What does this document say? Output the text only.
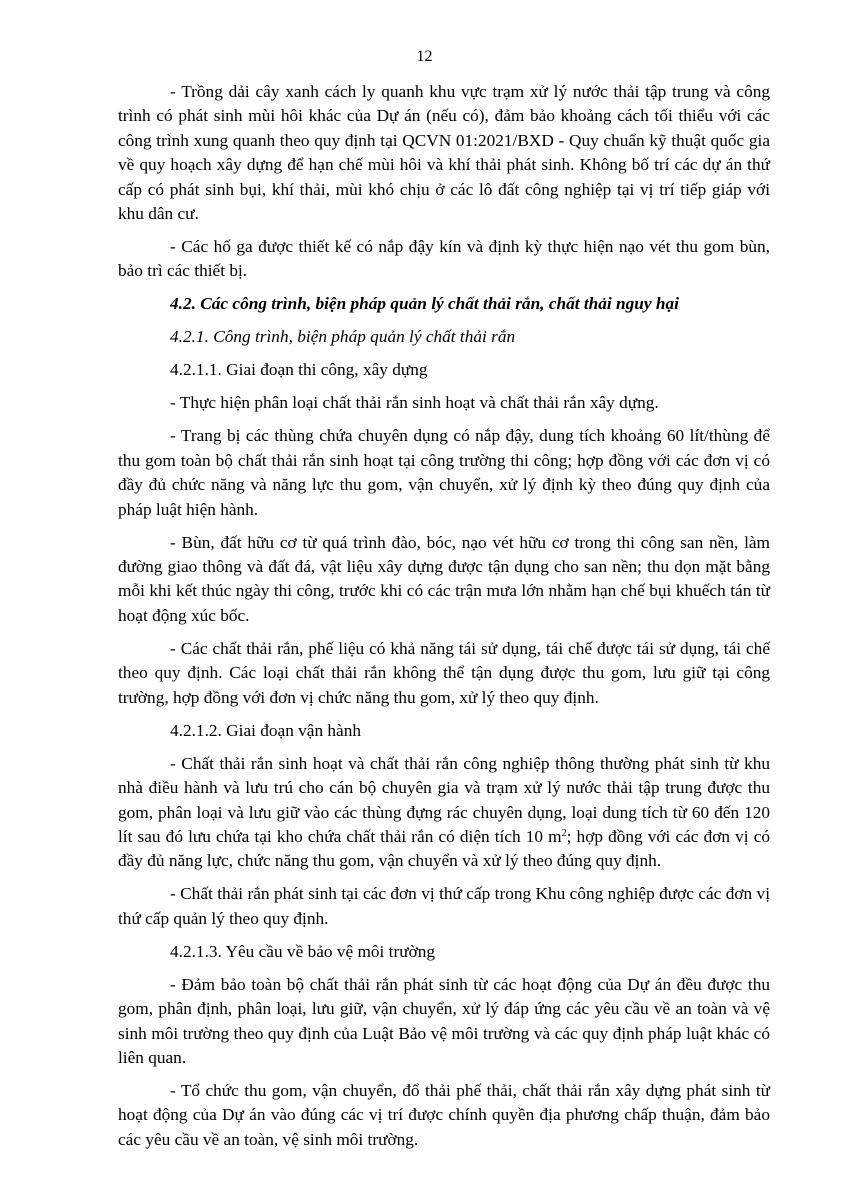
12

- Trồng dải cây xanh cách ly quanh khu vực trạm xử lý nước thải tập trung và công trình có phát sinh mùi hôi khác của Dự án (nếu có), đảm bảo khoảng cách tối thiểu với các công trình xung quanh theo quy định tại QCVN 01:2021/BXD - Quy chuẩn kỹ thuật quốc gia về quy hoạch xây dựng để hạn chế mùi hôi và khí thải phát sinh. Không bố trí các dự án thứ cấp có phát sinh bụi, khí thải, mùi khó chịu ở các lô đất công nghiệp tại vị trí tiếp giáp với khu dân cư.

- Các hố ga được thiết kế có nắp đậy kín và định kỳ thực hiện nạo vét thu gom bùn, bảo trì các thiết bị.

4.2. Các công trình, biện pháp quản lý chất thải rắn, chất thải nguy hại

4.2.1. Công trình, biện pháp quản lý chất thải rắn

4.2.1.1. Giai đoạn thi công, xây dựng

- Thực hiện phân loại chất thải rắn sinh hoạt và chất thải rắn xây dựng.

- Trang bị các thùng chứa chuyên dụng có nắp đậy, dung tích khoảng 60 lít/thùng để thu gom toàn bộ chất thải rắn sinh hoạt tại công trường thi công; hợp đồng với các đơn vị có đầy đủ chức năng và năng lực thu gom, vận chuyển, xử lý định kỳ theo đúng quy định của pháp luật hiện hành.

- Bùn, đất hữu cơ từ quá trình đào, bóc, nạo vét hữu cơ trong thi công san nền, làm đường giao thông và đất đá, vật liệu xây dựng được tận dụng cho san nền; thu dọn mặt bằng mỗi khi kết thúc ngày thi công, trước khi có các trận mưa lớn nhằm hạn chế bụi khuếch tán từ hoạt động xúc bốc.

- Các chất thải rắn, phế liệu có khả năng tái sử dụng, tái chế được tái sử dụng, tái chế theo quy định. Các loại chất thải rắn không thể tận dụng được thu gom, lưu giữ tại công trường, hợp đồng với đơn vị chức năng thu gom, xử lý theo quy định.

4.2.1.2. Giai đoạn vận hành

- Chất thải rắn sinh hoạt và chất thải rắn công nghiệp thông thường phát sinh từ khu nhà điều hành và lưu trú cho cán bộ chuyên gia và trạm xử lý nước thải tập trung được thu gom, phân loại và lưu giữ vào các thùng đựng rác chuyên dụng, loại dung tích từ 60 đến 120 lít sau đó lưu chứa tại kho chứa chất thải rắn có diện tích 10 $m^2$; hợp đồng với các đơn vị có đầy đủ năng lực, chức năng thu gom, vận chuyển và xử lý theo đúng quy định.

- Chất thải rắn phát sinh tại các đơn vị thứ cấp trong Khu công nghiệp được các đơn vị thứ cấp quản lý theo quy định.

4.2.1.3. Yêu cầu về bảo vệ môi trường

- Đảm bảo toàn bộ chất thải rắn phát sinh từ các hoạt động của Dự án đều được thu gom, phân định, phân loại, lưu giữ, vận chuyển, xử lý đáp ứng các yêu cầu về an toàn và vệ sinh môi trường theo quy định của Luật Bảo vệ môi trường và các quy định pháp luật khác có liên quan.

- Tổ chức thu gom, vận chuyển, đổ thải phế thải, chất thải rắn xây dựng phát sinh từ hoạt động của Dự án vào đúng các vị trí được chính quyền địa phương chấp thuận, đảm bảo các yêu cầu về an toàn, vệ sinh môi trường.
